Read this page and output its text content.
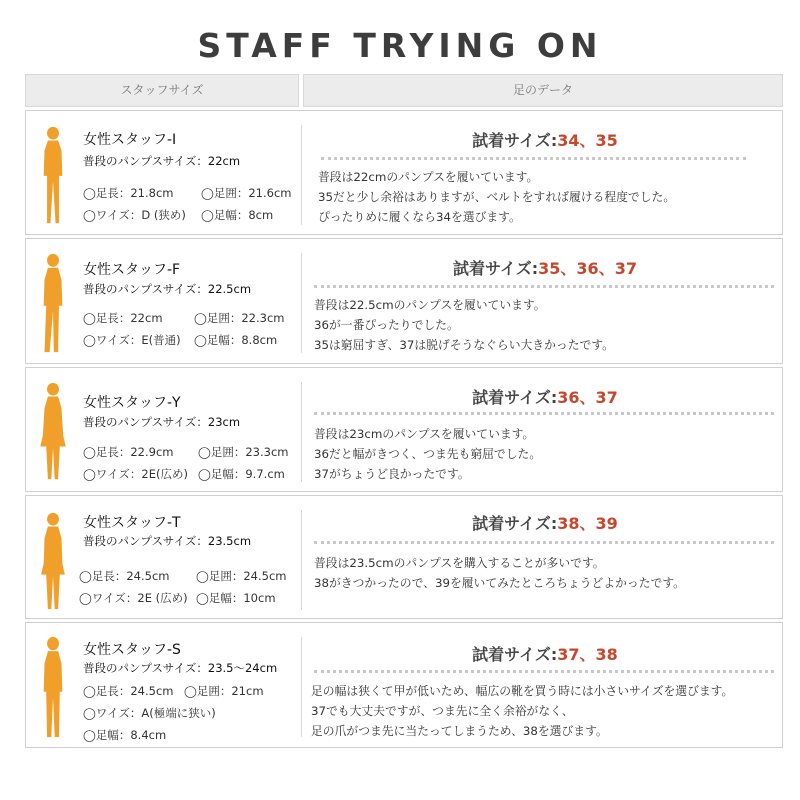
STAFF TRYING ON
スタッフサイズ	足のデータ
女性スタッフ-I
普段のパンプスサイズ：22cm
◯足長：21.8cm ◯足囲：21.6cm
◯ワイズ：D (狭め) ◯足幅：8cm
試着サイズ:34、35
普段は22cmのパンプスを履いています。
35だと少し余裕はありますが、ベルトをすれば履ける程度でした。
ぴったりめに履くなら34を選びます。
女性スタッフ-F
普段のパンプスサイズ：22.5cm
◯足長：22cm	◯足囲：22.3cm
◯ワイズ：E(普通) ◯足幅：8.8cm
試着サイズ:35、36、37
普段は22.5cmのパンプスを履いています。
36が一番ぴったりでした。
35は窮屈すぎ、37は脱げそうなぐらい大きかったです。
女性スタッフ-Y
普段のパンプスサイズ：23cm
◯足長：22.9cm ◯足囲：23.3cm
◯ワイズ：2E(広め) ◯足幅：9.7.cm
試着サイズ:36、37
普段は23cmのパンプスを履いています。
36だと幅がきつく、つま先も窮屈でした。
37がちょうど良かったです。
女性スタッフ-T
普段のパンプスサイズ：23.5cm
◯足長：24.5cm ◯足囲：24.5cm
◯ワイズ：2E (広め) ◯足幅：10cm
試着サイズ:38、39
普段は23.5cmのパンプスを購入することが多いです。
38がきつかったので、39を履いてみたところちょうどよかったです。
女性スタッフ-S
普段のパンプスサイズ：23.5〜24cm
◯足長：24.5cm ◯足囲：21cm
◯ワイズ：A(極端に狭い)
◯足幅：8.4cm
試着サイズ:37、38
足の幅は狭くて甲が低いため、幅広の靴を買う時には小さいサイズを選びます。
37でも大丈夫ですが、つま先に全く余裕がなく、
足の爪がつま先に当たってしまうため、38を選びます。
